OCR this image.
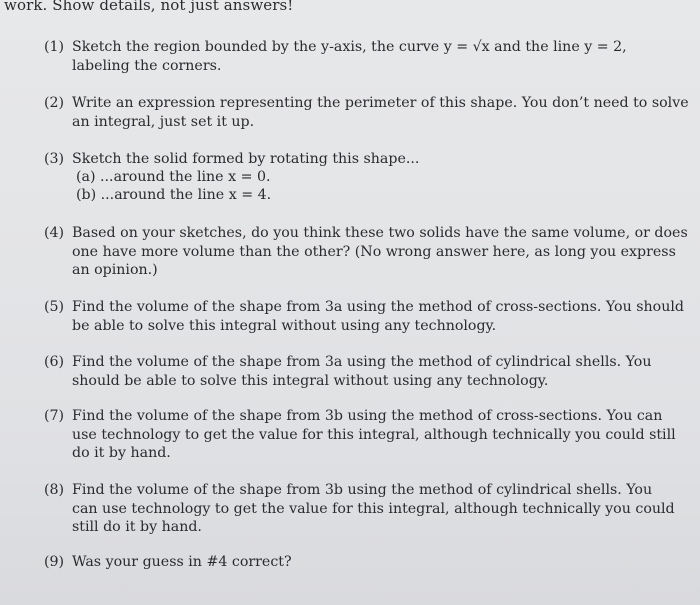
work. Show details, not just answers!
(1) Sketch the region bounded by the y-axis, the curve y = √x and the line y = 2,
labeling the corners.
(2) Write an expression representing the perimeter of this shape. You don’t need to solve
an integral, just set it up.
(3) Sketch the solid formed by rotating this shape...
(a) ...around the line x = 0.
(b) ...around the line x = 4.
(4) Based on your sketches, do you think these two solids have the same volume, or does
one have more volume than the other? (No wrong answer here, as long you express
an opinion.)
(5) Find the volume of the shape from 3a using the method of cross-sections. You should
be able to solve this integral without using any technology.
(6) Find the volume of the shape from 3a using the method of cylindrical shells. You
should be able to solve this integral without using any technology.
(7) Find the volume of the shape from 3b using the method of cross-sections. You can
use technology to get the value for this integral, although technically you could still
do it by hand.
(8) Find the volume of the shape from 3b using the method of cylindrical shells. You
can use technology to get the value for this integral, although technically you could
still do it by hand.
(9) Was your guess in #4 correct?
